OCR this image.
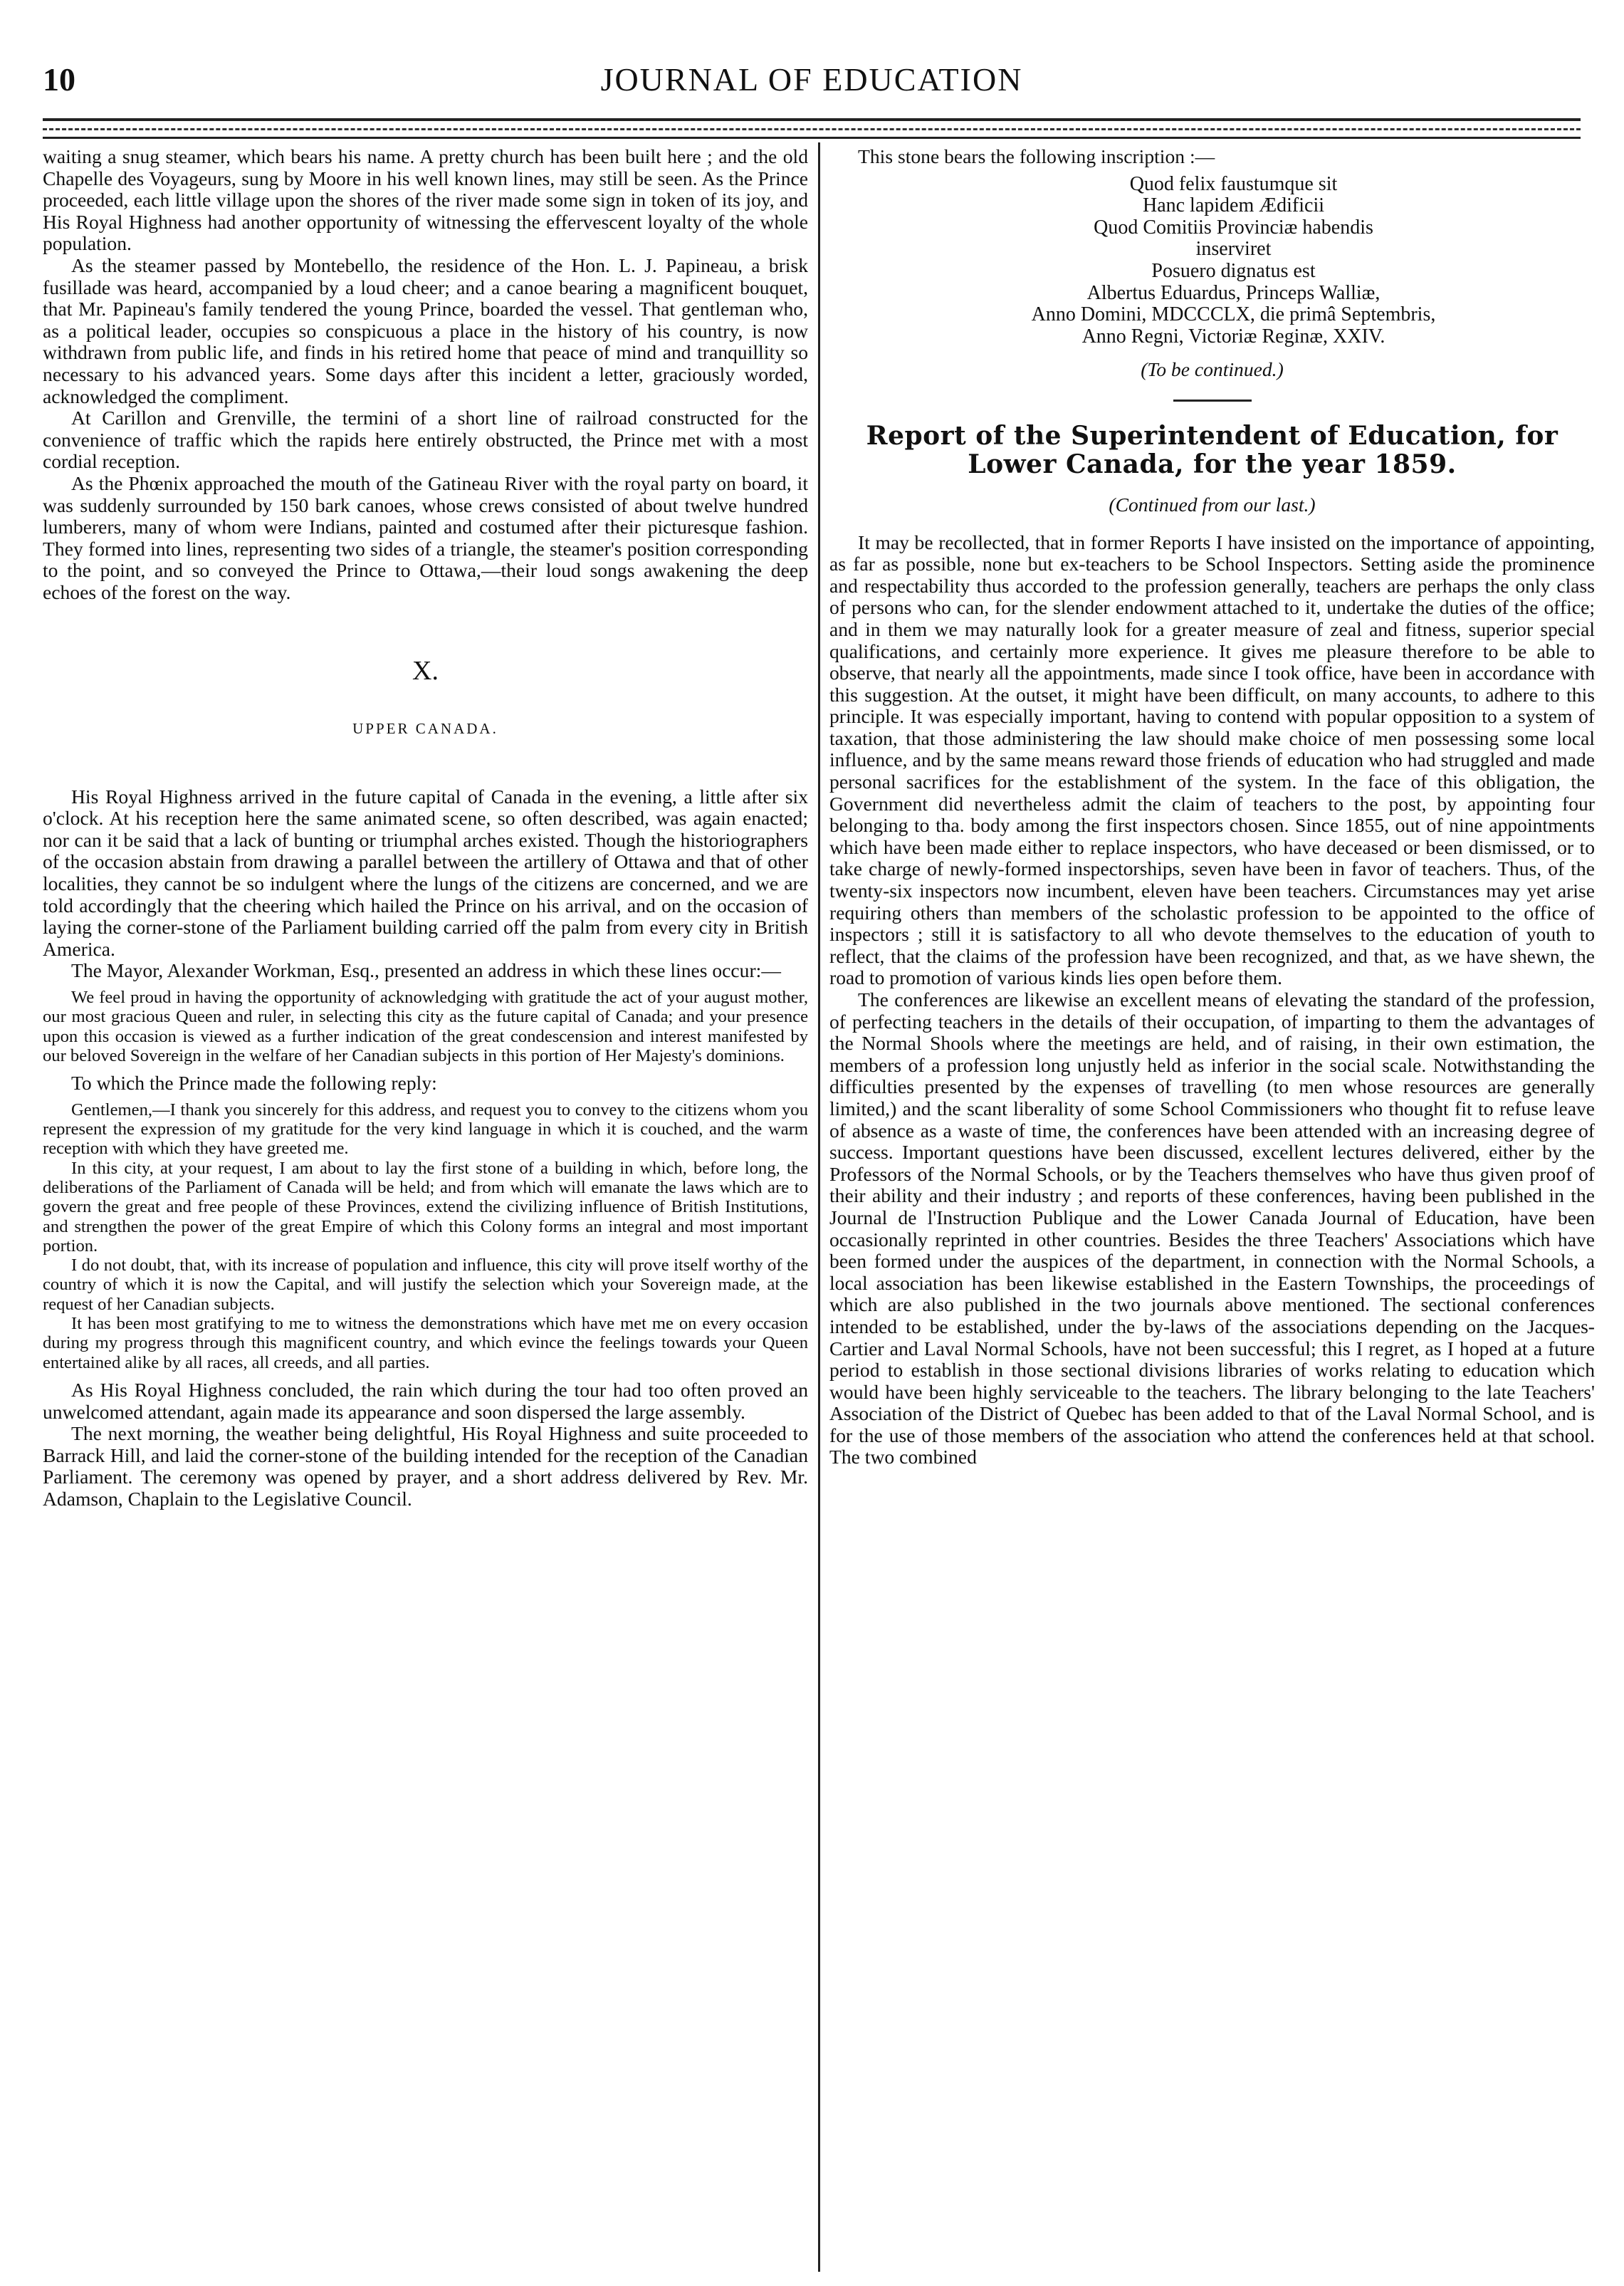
10	JOURNAL OF EDUCATION

waiting a snug steamer, which bears his name. A pretty church has been built here ; and the old Chapelle des Voyageurs, sung by Moore in his well known lines, may still be seen. As the Prince proceeded, each little village upon the shores of the river made some sign in token of its joy, and His Royal Highness had another opportunity of witnessing the effervescent loyalty of the whole population.

As the steamer passed by Montebello, the residence of the Hon. L. J. Papineau, a brisk fusillade was heard, accompanied by a loud cheer; and a canoe bearing a magnificent bouquet, that Mr. Papineau's family tendered the young Prince, boarded the vessel. That gentleman who, as a political leader, occupies so conspicuous a place in the history of his country, is now withdrawn from public life, and finds in his retired home that peace of mind and tranquillity so necessary to his advanced years. Some days after this incident a letter, graciously worded, acknowledged the compliment.

At Carillon and Grenville, the termini of a short line of railroad constructed for the convenience of traffic which the rapids here entirely obstructed, the Prince met with a most cordial reception.

As the Phœnix approached the mouth of the Gatineau River with the royal party on board, it was suddenly surrounded by 150 bark canoes, whose crews consisted of about twelve hundred lumberers, many of whom were Indians, painted and costumed after their picturesque fashion. They formed into lines, representing two sides of a triangle, the steamer's position corresponding to the point, and so conveyed the Prince to Ottawa,—their loud songs awakening the deep echoes of the forest on the way.

X.
UPPER CANADA.

His Royal Highness arrived in the future capital of Canada in the evening, a little after six o'clock. At his reception here the same animated scene, so often described, was again enacted; nor can it be said that a lack of bunting or triumphal arches existed. Though the historiographers of the occasion abstain from drawing a parallel between the artillery of Ottawa and that of other localities, they cannot be so indulgent where the lungs of the citizens are concerned, and we are told accordingly that the cheering which hailed the Prince on his arrival, and on the occasion of laying the corner-stone of the Parliament building carried off the palm from every city in British America.

The Mayor, Alexander Workman, Esq., presented an address in which these lines occur:—

We feel proud in having the opportunity of acknowledging with gratitude the act of your august mother, our most gracious Queen and ruler, in selecting this city as the future capital of Canada; and your presence upon this occasion is viewed as a further indication of the great condescension and interest manifested by our beloved Sovereign in the welfare of her Canadian subjects in this portion of Her Majesty's dominions.

To which the Prince made the following reply:

Gentlemen,—I thank you sincerely for this address, and request you to convey to the citizens whom you represent the expression of my gratitude for the very kind language in which it is couched, and the warm reception with which they have greeted me.

In this city, at your request, I am about to lay the first stone of a building in which, before long, the deliberations of the Parliament of Canada will be held; and from which will emanate the laws which are to govern the great and free people of these Provinces, extend the civilizing influence of British Institutions, and strengthen the power of the great Empire of which this Colony forms an integral and most important portion.

I do not doubt, that, with its increase of population and influence, this city will prove itself worthy of the country of which it is now the Capital, and will justify the selection which your Sovereign made, at the request of her Canadian subjects.

It has been most gratifying to me to witness the demonstrations which have met me on every occasion during my progress through this magnificent country, and which evince the feelings towards your Queen entertained alike by all races, all creeds, and all parties.

As His Royal Highness concluded, the rain which during the tour had too often proved an unwelcomed attendant, again made its appearance and soon dispersed the large assembly.

The next morning, the weather being delightful, His Royal Highness and suite proceeded to Barrack Hill, and laid the corner-stone of the building intended for the reception of the Canadian Parliament. The ceremony was opened by prayer, and a short address delivered by Rev. Mr. Adamson, Chaplain to the Legislative Council.

This stone bears the following inscription :—

Quod felix faustumque sit
Hanc lapidem Ædificii
Quod Comitiis Provinciæ habendis
inserviret
Posuero dignatus est
Albertus Eduardus, Princeps Walliæ,
Anno Domini, MDCCCLX, die primâ Septembris,
Anno Regni, Victoriæ Reginæ, XXIV.
(To be continued.)
Report of the Superintendent of Education, for
Lower Canada, for the year 1859.
(Continued from our last.)

It may be recollected, that in former Reports I have insisted on the importance of appointing, as far as possible, none but ex-teachers to be School Inspectors. Setting aside the prominence and respectability thus accorded to the profession generally, teachers are perhaps the only class of persons who can, for the slender endowment attached to it, undertake the duties of the office; and in them we may naturally look for a greater measure of zeal and fitness, superior special qualifications, and certainly more experience. It gives me pleasure therefore to be able to observe, that nearly all the appointments, made since I took office, have been in accordance with this suggestion. At the outset, it might have been difficult, on many accounts, to adhere to this principle. It was especially important, having to contend with popular opposition to a system of taxation, that those administering the law should make choice of men possessing some local influence, and by the same means reward those friends of education who had struggled and made personal sacrifices for the establishment of the system. In the face of this obligation, the Government did nevertheless admit the claim of teachers to the post, by appointing four belonging to tha. body among the first inspectors chosen. Since 1855, out of nine appointments which have been made either to replace inspectors, who have deceased or been dismissed, or to take charge of newly-formed inspectorships, seven have been in favor of teachers. Thus, of the twenty-six inspectors now incumbent, eleven have been teachers. Circumstances may yet arise requiring others than members of the scholastic profession to be appointed to the office of inspectors ; still it is satisfactory to all who devote themselves to the education of youth to reflect, that the claims of the profession have been recognized, and that, as we have shewn, the road to promotion of various kinds lies open before them.

The conferences are likewise an excellent means of elevating the standard of the profession, of perfecting teachers in the details of their occupation, of imparting to them the advantages of the Normal Shools where the meetings are held, and of raising, in their own estimation, the members of a profession long unjustly held as inferior in the social scale. Notwithstanding the difficulties presented by the expenses of travelling (to men whose resources are generally limited,) and the scant liberality of some School Commissioners who thought fit to refuse leave of absence as a waste of time, the conferences have been attended with an increasing degree of success. Important questions have been discussed, excellent lectures delivered, either by the Professors of the Normal Schools, or by the Teachers themselves who have thus given proof of their ability and their industry ; and reports of these conferences, having been published in the Journal de l'Instruction Publique and the Lower Canada Journal of Education, have been occasionally reprinted in other countries. Besides the three Teachers' Associations which have been formed under the auspices of the department, in connection with the Normal Schools, a local association has been likewise established in the Eastern Townships, the proceedings of which are also published in the two journals above mentioned. The sectional conferences intended to be established, under the by-laws of the associations depending on the Jacques-Cartier and Laval Normal Schools, have not been successful; this I regret, as I hoped at a future period to establish in those sectional divisions libraries of works relating to education which would have been highly serviceable to the teachers. The library belonging to the late Teachers' Association of the District of Quebec has been added to that of the Laval Normal School, and is for the use of those members of the association who attend the conferences held at that school. The two combined
